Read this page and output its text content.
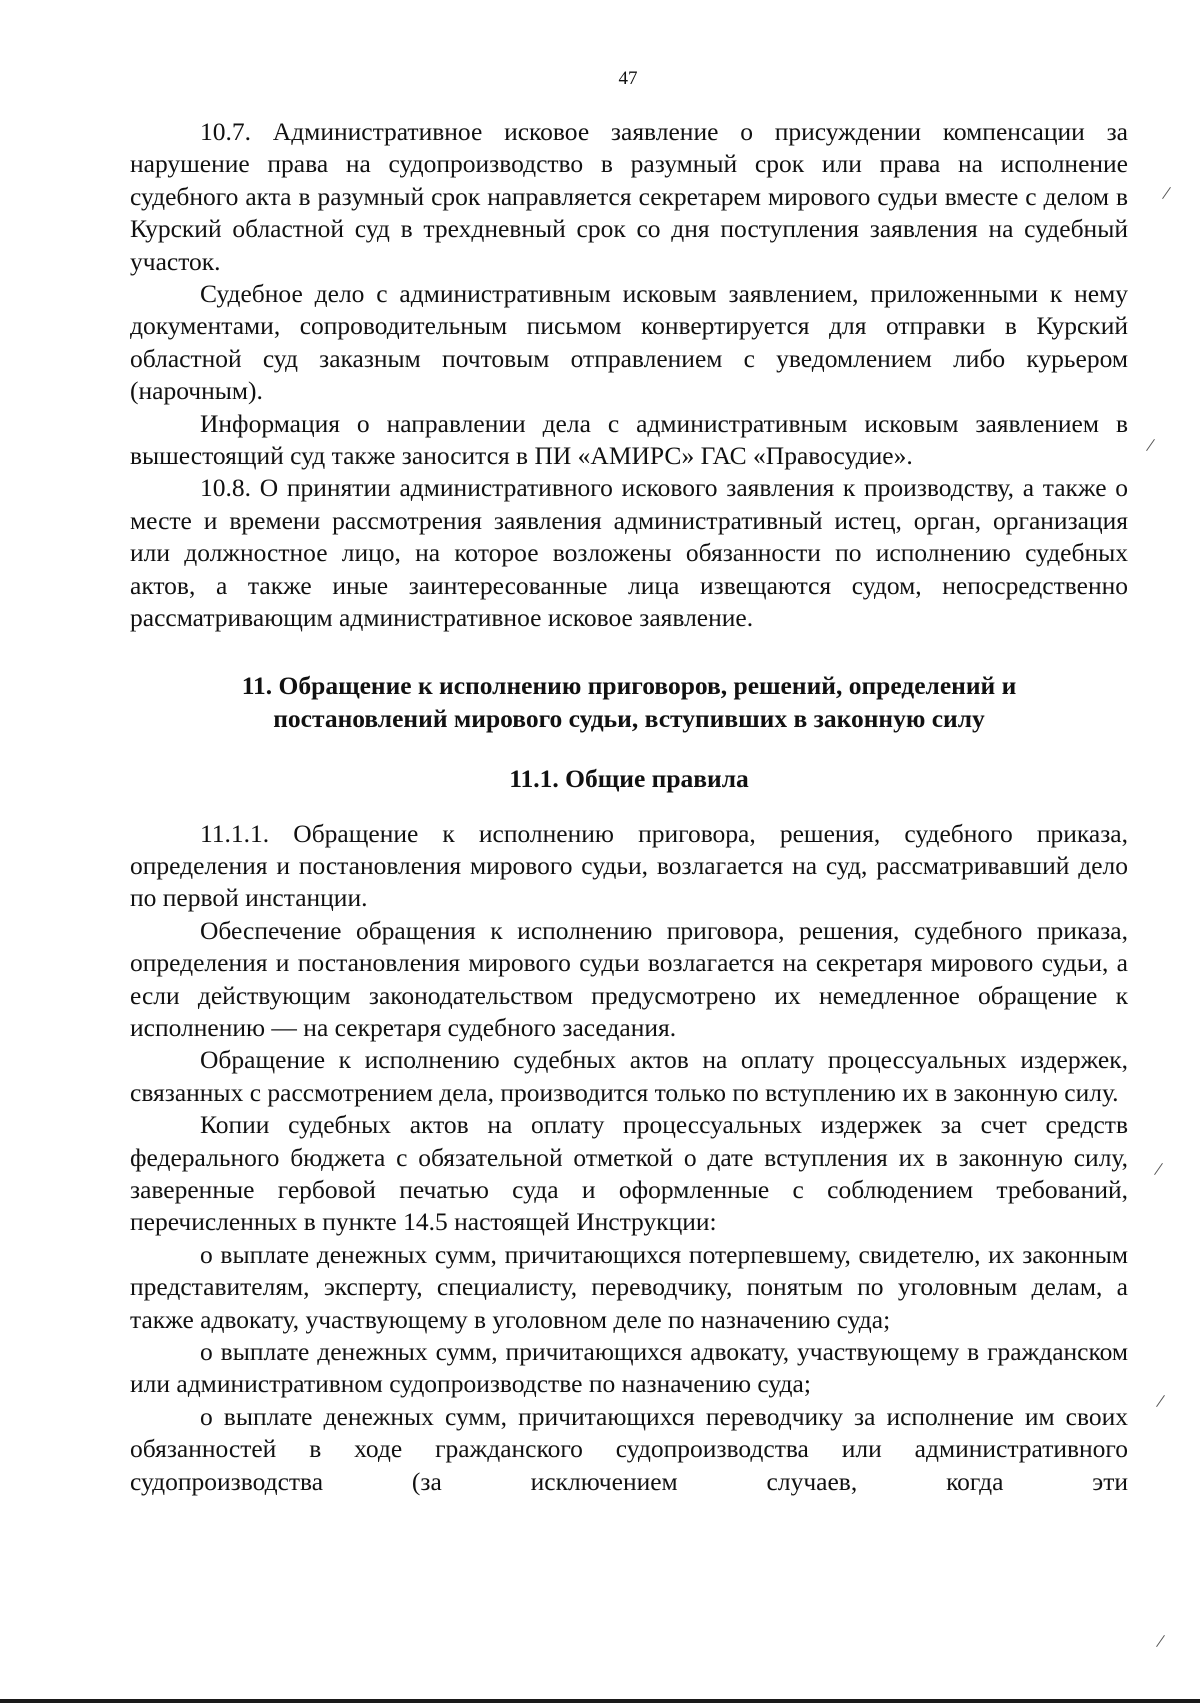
47

10.7. Административное исковое заявление о присуждении компенсации за нарушение права на судопроизводство в разумный срок или права на исполнение судебного акта в разумный срок направляется секретарем мирового судьи вместе с делом в Курский областной суд в трехдневный срок со дня поступления заявления на судебный участок.

Судебное дело с административным исковым заявлением, приложенными к нему документами, сопроводительным письмом конвертируется для отправки в Курский областной суд заказным почтовым отправлением с уведомлением либо курьером (нарочным).

Информация о направлении дела с административным исковым заявлением в вышестоящий суд также заносится в ПИ «АМИРС» ГАС «Правосудие».

10.8. О принятии административного искового заявления к производству, а также о месте и времени рассмотрения заявления административный истец, орган, организация или должностное лицо, на которое возложены обязанности по исполнению судебных актов, а также иные заинтересованные лица извещаются судом, непосредственно рассматривающим административное исковое заявление.

11. Обращение к исполнению приговоров, решений, определений и
постановлений мирового судьи, вступивших в законную силу
11.1. Общие правила

11.1.1. Обращение к исполнению приговора, решения, судебного приказа, определения и постановления мирового судьи, возлагается на суд, рассматривавший дело по первой инстанции.

Обеспечение обращения к исполнению приговора, решения, судебного приказа, определения и постановления мирового судьи возлагается на секретаря мирового судьи, а если действующим законодательством предусмотрено их немедленное обращение к исполнению — на секретаря судебного заседания.

Обращение к исполнению судебных актов на оплату процессуальных издержек, связанных с рассмотрением дела, производится только по вступлению их в законную силу.

Копии судебных актов на оплату процессуальных издержек за счет средств федерального бюджета с обязательной отметкой о дате вступления их в законную силу, заверенные гербовой печатью суда и оформленные с соблюдением требований, перечисленных в пункте 14.5 настоящей Инструкции:

о выплате денежных сумм, причитающихся потерпевшему, свидетелю, их законным представителям, эксперту, специалисту, переводчику, понятым по уголовным делам, а также адвокату, участвующему в уголовном деле по назначению суда;

о выплате денежных сумм, причитающихся адвокату, участвующему в гражданском или административном судопроизводстве по назначению суда;

о выплате денежных сумм, причитающихся переводчику за исполнение им своих обязанностей в ходе гражданского судопроизводства или административного судопроизводства (за исключением случаев, когда эти
